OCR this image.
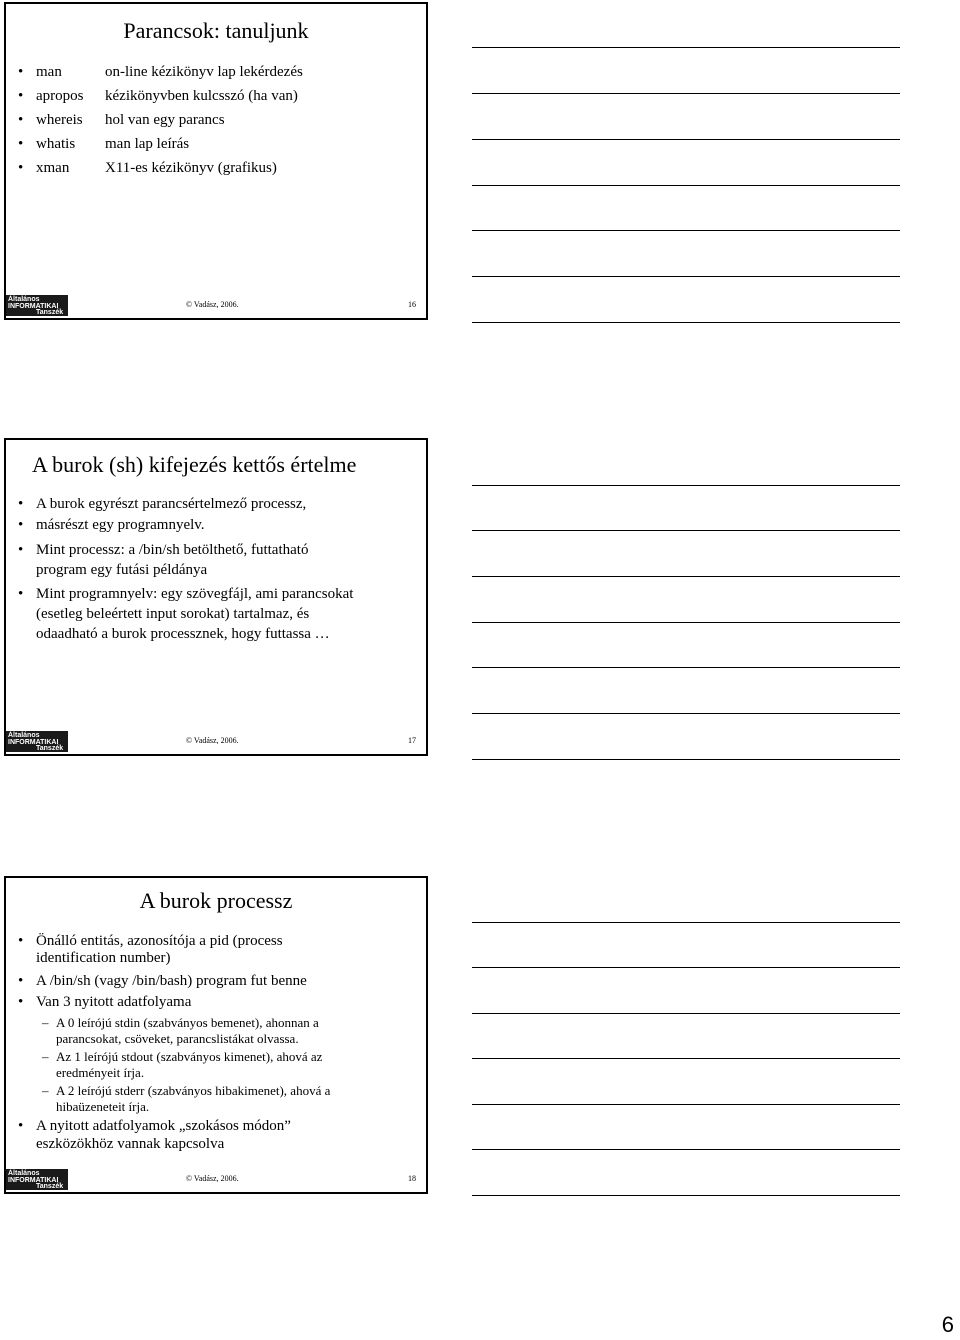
Parancsok: tanuljunk
• man	on-line kézikönyv lap lekérdezés
• apropos kézikönyvben kulcsszó (ha van)
• whereis hol van egy parancs
• whatis man lap leírás
• xman X11-es kézikönyv (grafikus)
Általános
INFORMATIKAI
Tanszék
© Vadász, 2006.	16
A burok (sh) kifejezés kettős értelme
• A burok egyrészt parancsértelmező processz,
• másrészt egy programnyelv.
• Mint processz: a /bin/sh betölthető, futtatható
program egy futási példánya
• Mint programnyelv: egy szövegfájl, ami parancsokat
(esetleg beleértett input sorokat) tartalmaz, és
odaadható a burok processznek, hogy futtassa …
Általános
INFORMATIKAI
Tanszék
© Vadász, 2006.	17
A burok processz
• Önálló entitás, azonosítója a pid (process
identification number)
• A /bin/sh (vagy /bin/bash) program fut benne
• Van 3 nyitott adatfolyama
– A 0 leírójú stdin (szabványos bemenet), ahonnan a
parancsokat, csöveket, parancslistákat olvassa.
– Az 1 leírójú stdout (szabványos kimenet), ahová az
eredményeit írja.
– A 2 leírójú stderr (szabványos hibakimenet), ahová a
hibaüzeneteit írja.
• A nyitott adatfolyamok „szokásos módon”
eszközökhöz vannak kapcsolva
Általános
INFORMATIKAI
Tanszék
© Vadász, 2006.	18
6
